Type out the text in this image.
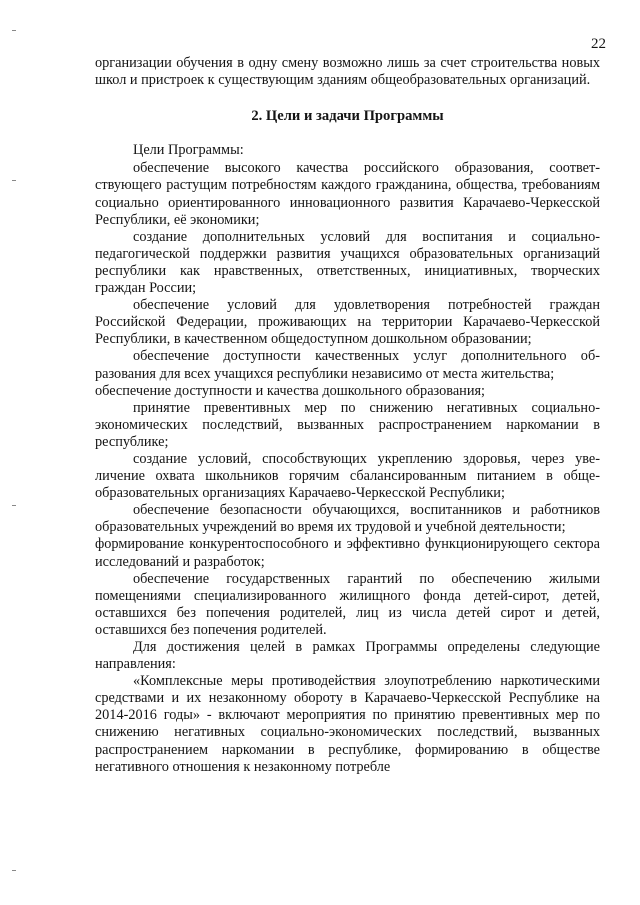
22

организации обучения в одну смену возможно лишь за счет строительства новых школ и пристроек к существующим зданиям общеобразовательных организаций.

2. Цели и задачи Программы

Цели Программы:

обеспечение высокого качества российского образования, соответствующего растущим потребностям каждого гражданина, общества, требованиям социально ориентированного инновационного развития Карачаево-Черкесской Республики, её экономики;

создание дополнительных условий для воспитания и социально-педагогической поддержки развития учащихся образовательных организаций республики как нравственных, ответственных, инициативных, творческих граждан России;

обеспечение условий для удовлетворения потребностей граждан Российской Федерации, проживающих на территории Карачаево-Черкесской Республики, в качественном общедоступном дошкольном образовании;

обеспечение доступности качественных услуг дополнительного образования для всех учащихся республики независимо от места жительства;

обеспечение доступности и качества дошкольного образования;

принятие превентивных мер по снижению негативных социально-экономических последствий, вызванных распространением наркомании в республике;

создание условий, способствующих укреплению здоровья, через увеличение охвата школьников горячим сбалансированным питанием в общеобразовательных организациях Карачаево-Черкесской Республики;

обеспечение безопасности обучающихся, воспитанников и работников образовательных учреждений во время их трудовой и учебной деятельности;

формирование конкурентоспособного и эффективно функционирующего сектора исследований и разработок;

обеспечение государственных гарантий по обеспечению жилыми помещениями специализированного жилищного фонда детей-сирот, детей, оставшихся без попечения родителей, лиц из числа детей сирот и детей, оставшихся без попечения родителей.

Для достижения целей в рамках Программы определены следующие направления:

«Комплексные меры противодействия злоупотреблению наркотическими средствами и их незаконному обороту в Карачаево-Черкесской Республике на 2014-2016 годы» - включают мероприятия по принятию превентивных мер по снижению негативных социально-экономических последствий, вызванных распространением наркомании в республике, формированию в обществе негативного отношения к незаконному потребле
